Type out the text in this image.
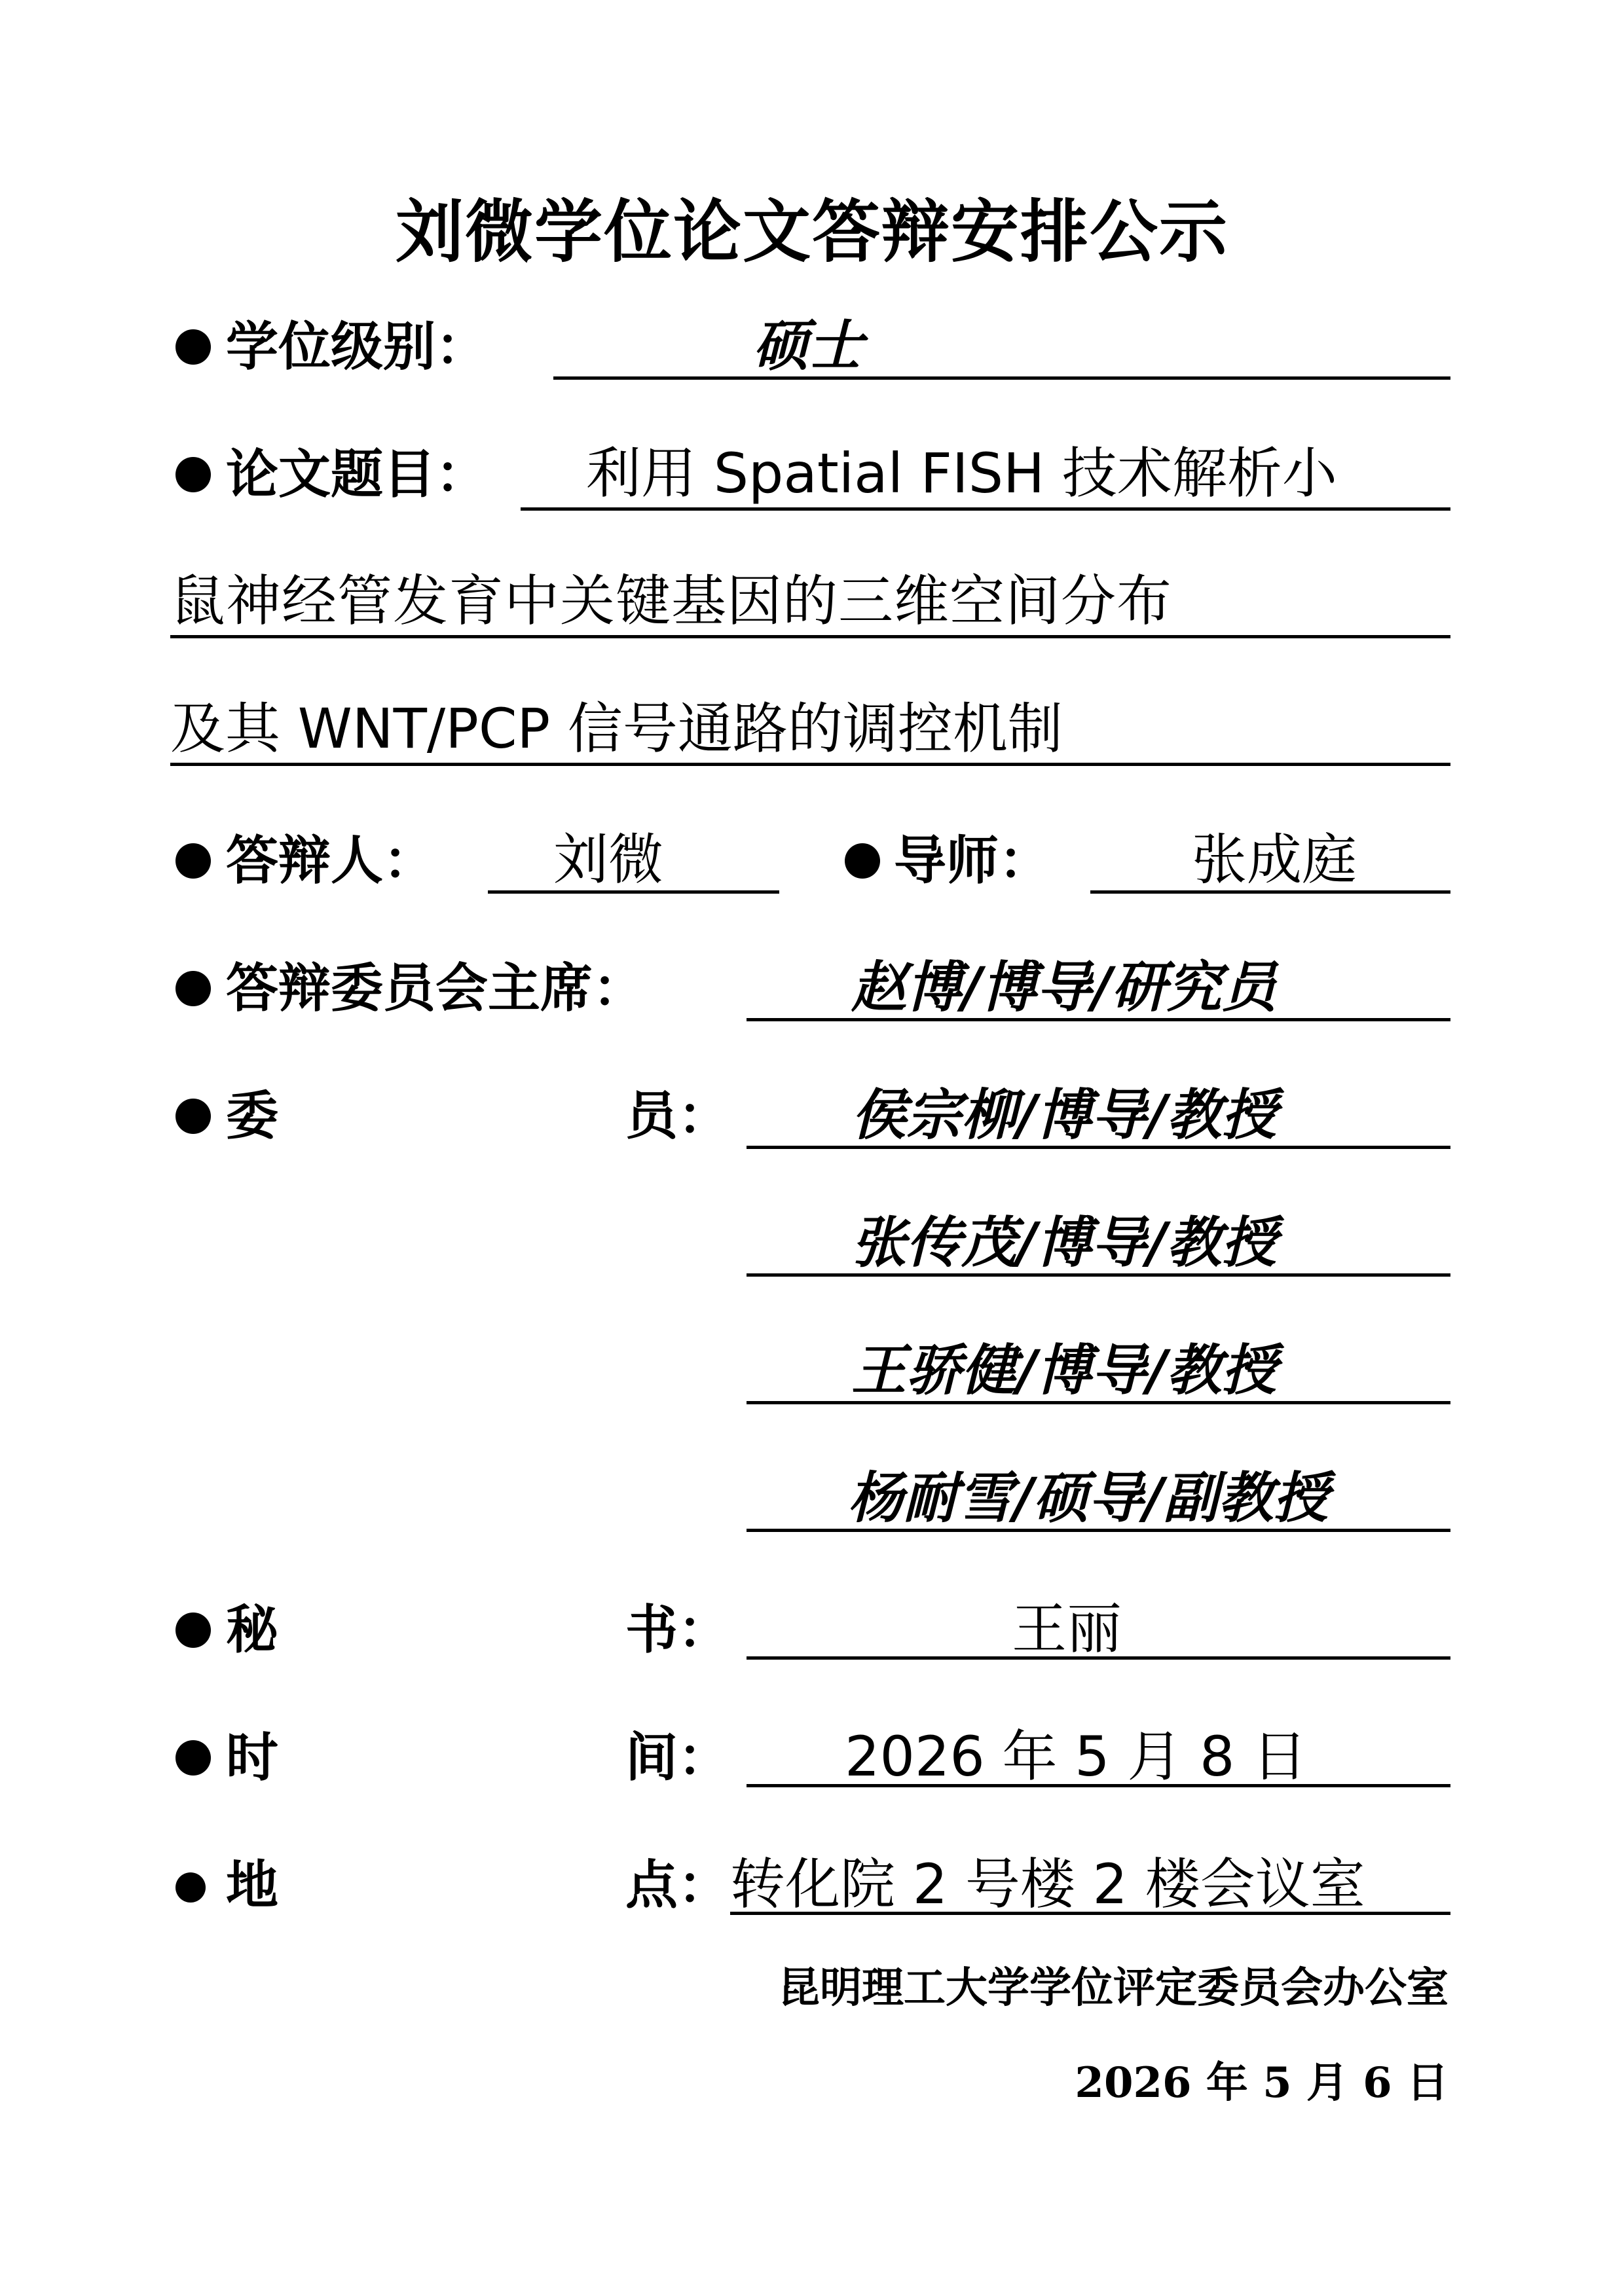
刘微学位论文答辩安排公示
学位级别：	硕士
论文题目： 利用 Spatial FISH 技术解析小
鼠神经管发育中关键基因的三维空间分布
及其 WNT/PCP 信号通路的调控机制
答辩人： 刘微	导师：	张成庭
答辩委员会主席：	赵博/博导/研究员
委	员： 侯宗柳/博导/教授
张传茂/博导/教授
王骄健/博导/教授
杨耐雪/硕导/副教授
秘	书：	王丽
时	间： 2026 年 5 月 8 日
地	点： 转化院 2 号楼 2 楼会议室
昆明理工大学学位评定委员会办公室
2026 年 5 月 6 日
